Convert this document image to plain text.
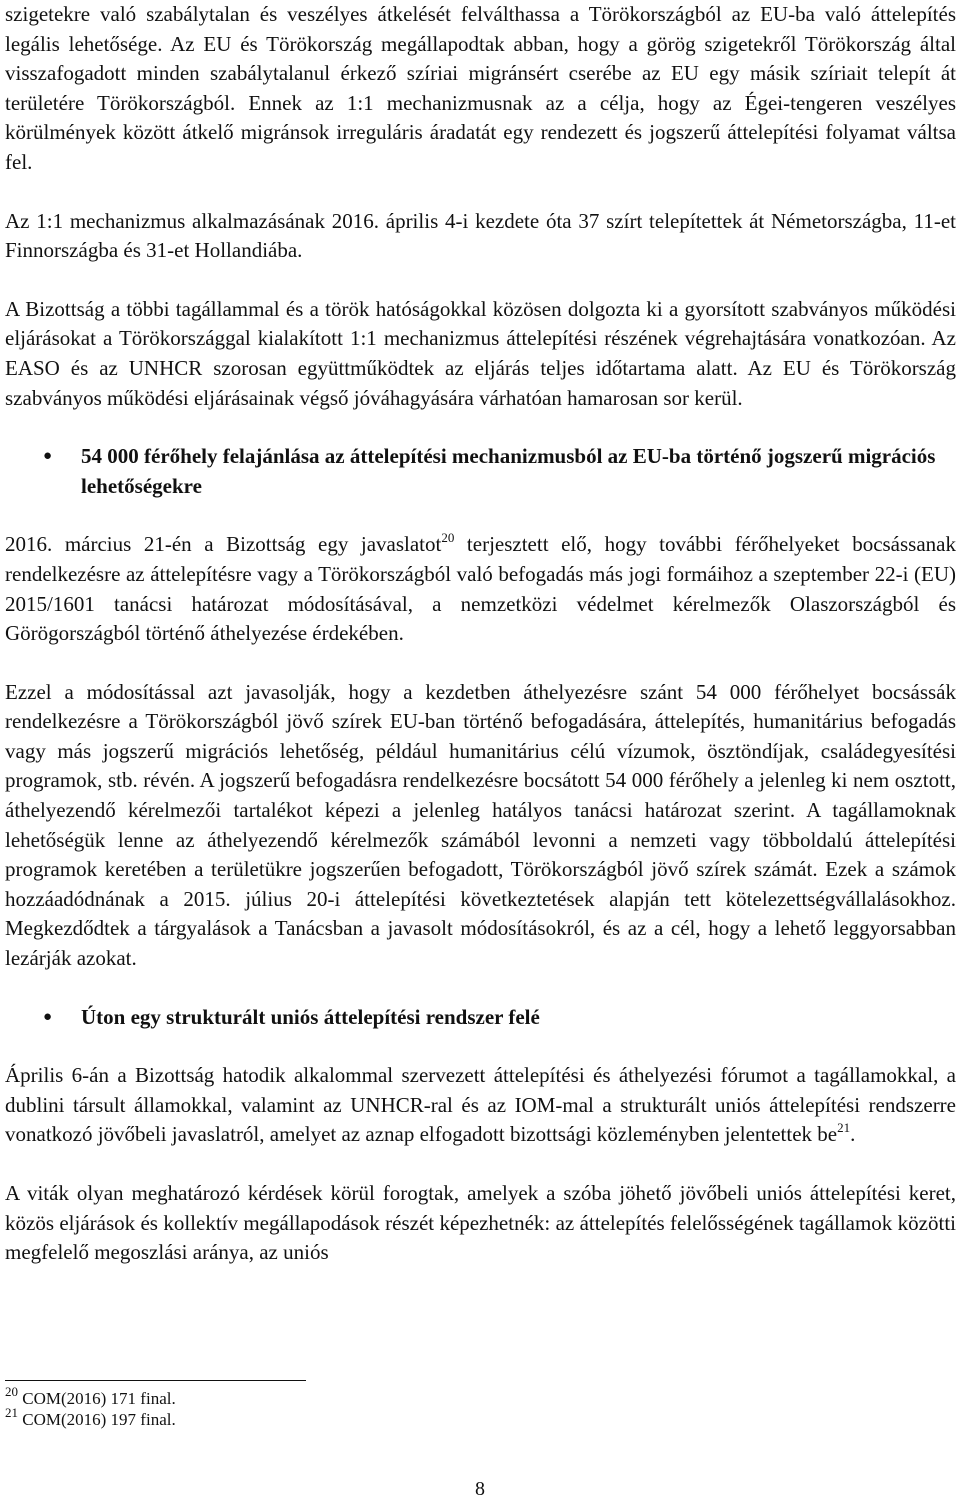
szigetekre való szabálytalan és veszélyes átkelését felválthassa a Törökországból az EU-ba való áttelepítés legális lehetősége. Az EU és Törökország megállapodtak abban, hogy a görög szigetekről Törökország által visszafogadott minden szabálytalanul érkező szíriai migránsért cserébe az EU egy másik szíriait telepít át területére Törökországból. Ennek az 1:1 mechanizmusnak az a célja, hogy az Égei-tengeren veszélyes körülmények között átkelő migránsok irreguláris áradatát egy rendezett és jogszerű áttelepítési folyamat váltsa fel.

Az 1:1 mechanizmus alkalmazásának 2016. április 4-i kezdete óta 37 szírt telepítettek át Németországba, 11-et Finnországba és 31-et Hollandiába.

A Bizottság a többi tagállammal és a török hatóságokkal közösen dolgozta ki a gyorsított szabványos működési eljárásokat a Törökországgal kialakított 1:1 mechanizmus áttelepítési részének végrehajtására vonatkozóan. Az EASO és az UNHCR szorosan együttműködtek az eljárás teljes időtartama alatt. Az EU és Törökország szabványos működési eljárásainak végső jóváhagyására várhatóan hamarosan sor kerül.

●	54 000 férőhely felajánlása az áttelepítési mechanizmusból az EU-ba történő jogszerű migrációs lehetőségekre

2016. március 21-én a Bizottság egy javaslatot$^{20}$ terjesztett elő, hogy további férőhelyeket bocsássanak rendelkezésre az áttelepítésre vagy a Törökországból való befogadás más jogi formáihoz a szeptember 22-i (EU) 2015/1601 tanácsi határozat módosításával, a nemzetközi védelmet kérelmezők Olaszországból és Görögországból történő áthelyezése érdekében.

Ezzel a módosítással azt javasolják, hogy a kezdetben áthelyezésre szánt 54 000 férőhelyet bocsássák rendelkezésre a Törökországból jövő szírek EU-ban történő befogadására, áttelepítés, humanitárius befogadás vagy más jogszerű migrációs lehetőség, például humanitárius célú vízumok, ösztöndíjak, családegyesítési programok, stb. révén. A jogszerű befogadásra rendelkezésre bocsátott 54 000 férőhely a jelenleg ki nem osztott, áthelyezendő kérelmezői tartalékot képezi a jelenleg hatályos tanácsi határozat szerint. A tagállamoknak lehetőségük lenne az áthelyezendő kérelmezők számából levonni a nemzeti vagy többoldalú áttelepítési programok keretében a területükre jogszerűen befogadott, Törökországból jövő szírek számát. Ezek a számok hozzáadódnának a 2015. július 20-i áttelepítési következtetések alapján tett kötelezettségvállalásokhoz. Megkezdődtek a tárgyalások a Tanácsban a javasolt módosításokról, és az a cél, hogy a lehető leggyorsabban lezárják azokat.

●	Úton egy strukturált uniós áttelepítési rendszer felé

Április 6-án a Bizottság hatodik alkalommal szervezett áttelepítési és áthelyezési fórumot a tagállamokkal, a dublini társult államokkal, valamint az UNHCR-ral és az IOM-mal a strukturált uniós áttelepítési rendszerre vonatkozó jövőbeli javaslatról, amelyet az aznap elfogadott bizottsági közleményben jelentettek $be^{21}$.

A viták olyan meghatározó kérdések körül forogtak, amelyek a szóba jöhető jövőbeli uniós áttelepítési keret, közös eljárások és kollektív megállapodások részét képezhetnék: az áttelepítés felelősségének tagállamok közötti megfelelő megoszlási aránya, az uniós

$^{20}$ COM(2016) 171 final.
$^{21}$ COM(2016) 197 final.
8
